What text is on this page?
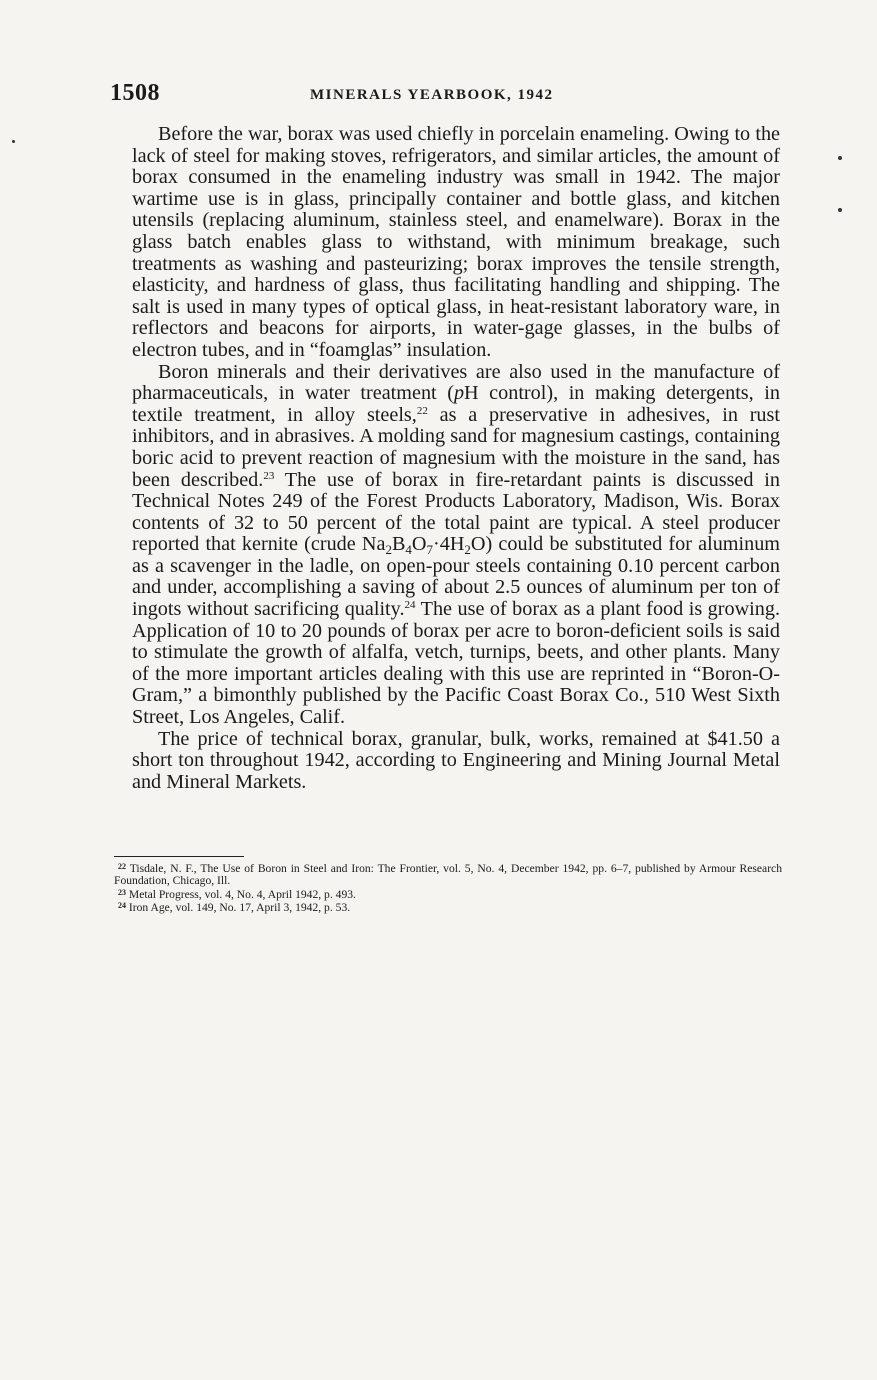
1508	MINERALS YEARBOOK, 1942

Before the war, borax was used chiefly in porcelain enameling. Owing to the lack of steel for making stoves, refrigerators, and similar articles, the amount of borax consumed in the enameling industry was small in 1942. The major wartime use is in glass, principally container and bottle glass, and kitchen utensils (replacing aluminum, stainless steel, and enamelware). Borax in the glass batch enables glass to withstand, with minimum breakage, such treatments as washing and pasteurizing; borax improves the tensile strength, elasticity, and hardness of glass, thus facilitating handling and shipping. The salt is used in many types of optical glass, in heat-resistant laboratory ware, in reflectors and beacons for airports, in water-gage glasses, in the bulbs of electron tubes, and in “foamglas” insulation.

Boron minerals and their derivatives are also used in the manufacture of pharmaceuticals, in water treatment (pH control), in making detergents, in textile treatment, in alloy steels,$^{22}$ as a preservative in adhesives, in rust inhibitors, and in abrasives. A molding sand for magnesium castings, containing boric acid to prevent reaction of magnesium with the moisture in the sand, has been described.$^{23}$ The use of borax in fire-retardant paints is discussed in Technical Notes 249 of the Forest Products Laboratory, Madison, Wis. Borax contents of 32 to 50 percent of the total paint are typical. A steel producer reported that kernite (crude $Na_2B_4O_7\cdot 4H_2O$) could be substituted for aluminum as a scavenger in the ladle, on open-pour steels containing 0.10 percent carbon and under, accomplishing a saving of about 2.5 ounces of aluminum per ton of ingots without sacrificing quality.$^{24}$ The use of borax as a plant food is growing. Application of 10 to 20 pounds of borax per acre to boron-deficient soils is said to stimulate the growth of alfalfa, vetch, turnips, beets, and other plants. Many of the more important articles dealing with this use are reprinted in “Boron-O-Gram,” a bimonthly published by the Pacific Coast Borax Co., 510 West Sixth Street, Los Angeles, Calif.

The price of technical borax, granular, bulk, works, remained at $41.50 a short ton throughout 1942, according to Engineering and Mining Journal Metal and Mineral Markets.

$^{22}$ Tisdale, N. F., The Use of Boron in Steel and Iron: The Frontier, vol. 5, No. 4, December 1942, pp. 6–7, published by Armour Research Foundation, Chicago, Ill.

$^{23}$ Metal Progress, vol. 4, No. 4, April 1942, p. 493.

$^{24}$ Iron Age, vol. 149, No. 17, April 3, 1942, p. 53.
